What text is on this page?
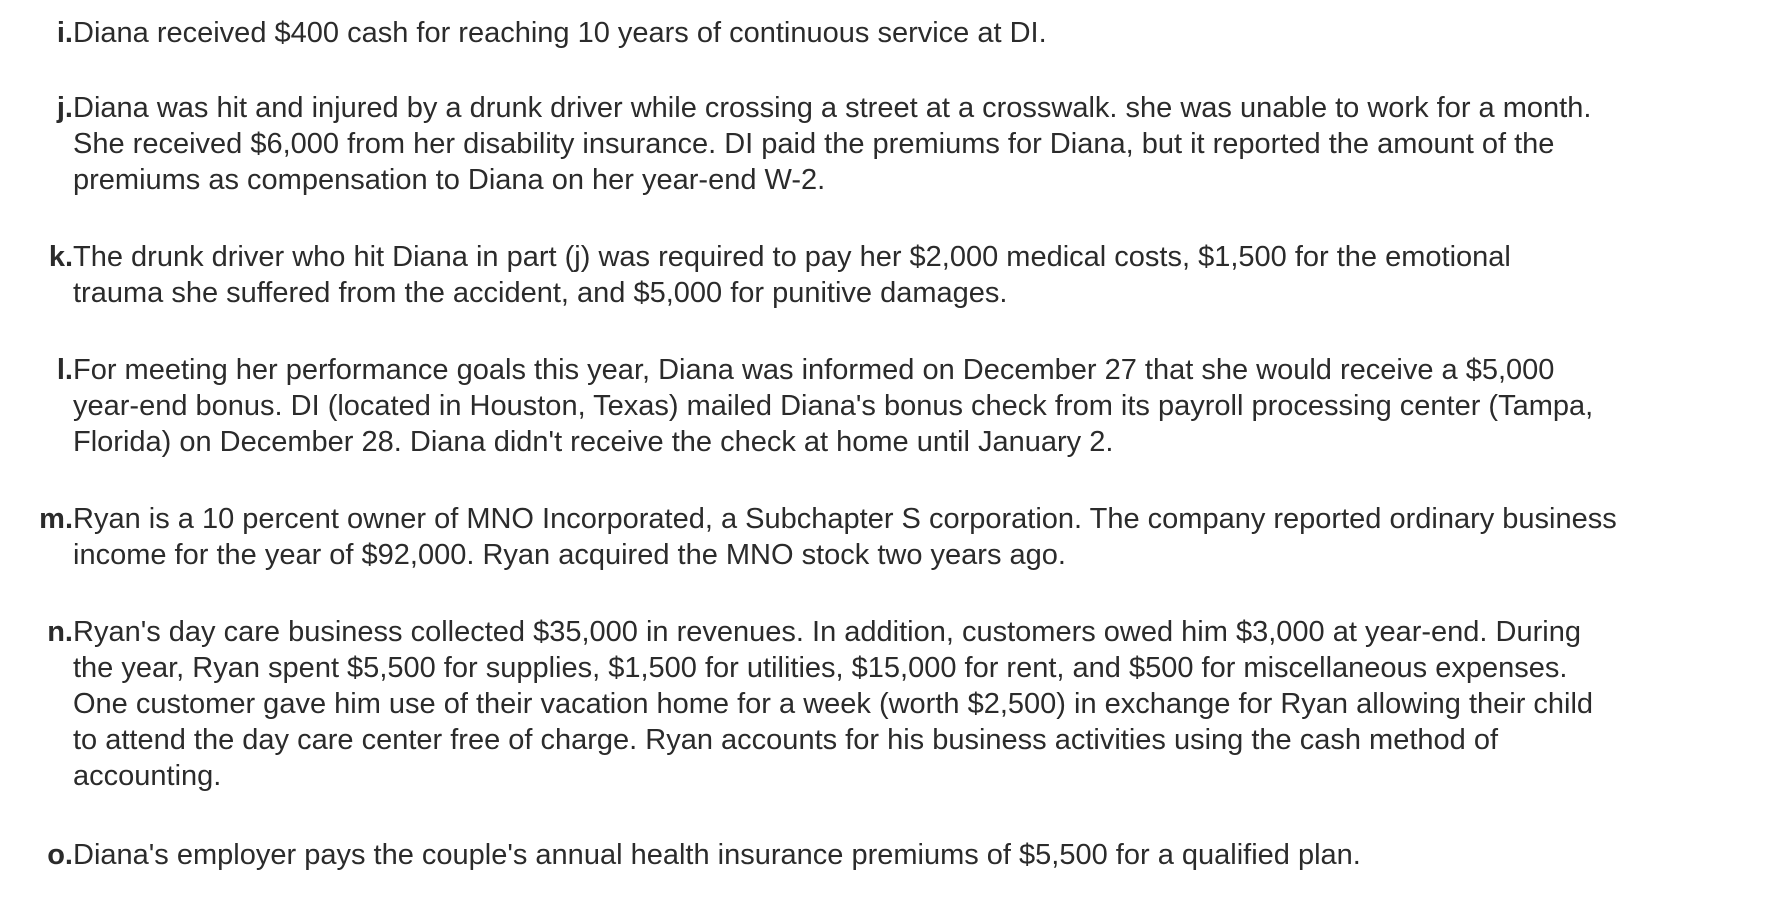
i. Diana received $400 cash for reaching 10 years of continuous service at DI.
j. Diana was hit and injured by a drunk driver while crossing a street at a crosswalk. she was unable to work for a month.
She received $6,000 from her disability insurance. DI paid the premiums for Diana, but it reported the amount of the
premiums as compensation to Diana on her year-end W-2.
k. The drunk driver who hit Diana in part (j) was required to pay her $2,000 medical costs, $1,500 for the emotional
trauma she suffered from the accident, and $5,000 for punitive damages.
l. For meeting her performance goals this year, Diana was informed on December 27 that she would receive a $5,000
year-end bonus. DI (located in Houston, Texas) mailed Diana's bonus check from its payroll processing center (Tampa,
Florida) on December 28. Diana didn't receive the check at home until January 2.
m. Ryan is a 10 percent owner of MNO Incorporated, a Subchapter S corporation. The company reported ordinary business
income for the year of $92,000. Ryan acquired the MNO stock two years ago.
n. Ryan's day care business collected $35,000 in revenues. In addition, customers owed him $3,000 at year-end. During
the year, Ryan spent $5,500 for supplies, $1,500 for utilities, $15,000 for rent, and $500 for miscellaneous expenses.
One customer gave him use of their vacation home for a week (worth $2,500) in exchange for Ryan allowing their child
to attend the day care center free of charge. Ryan accounts for his business activities using the cash method of
accounting.
o. Diana's employer pays the couple's annual health insurance premiums of $5,500 for a qualified plan.
